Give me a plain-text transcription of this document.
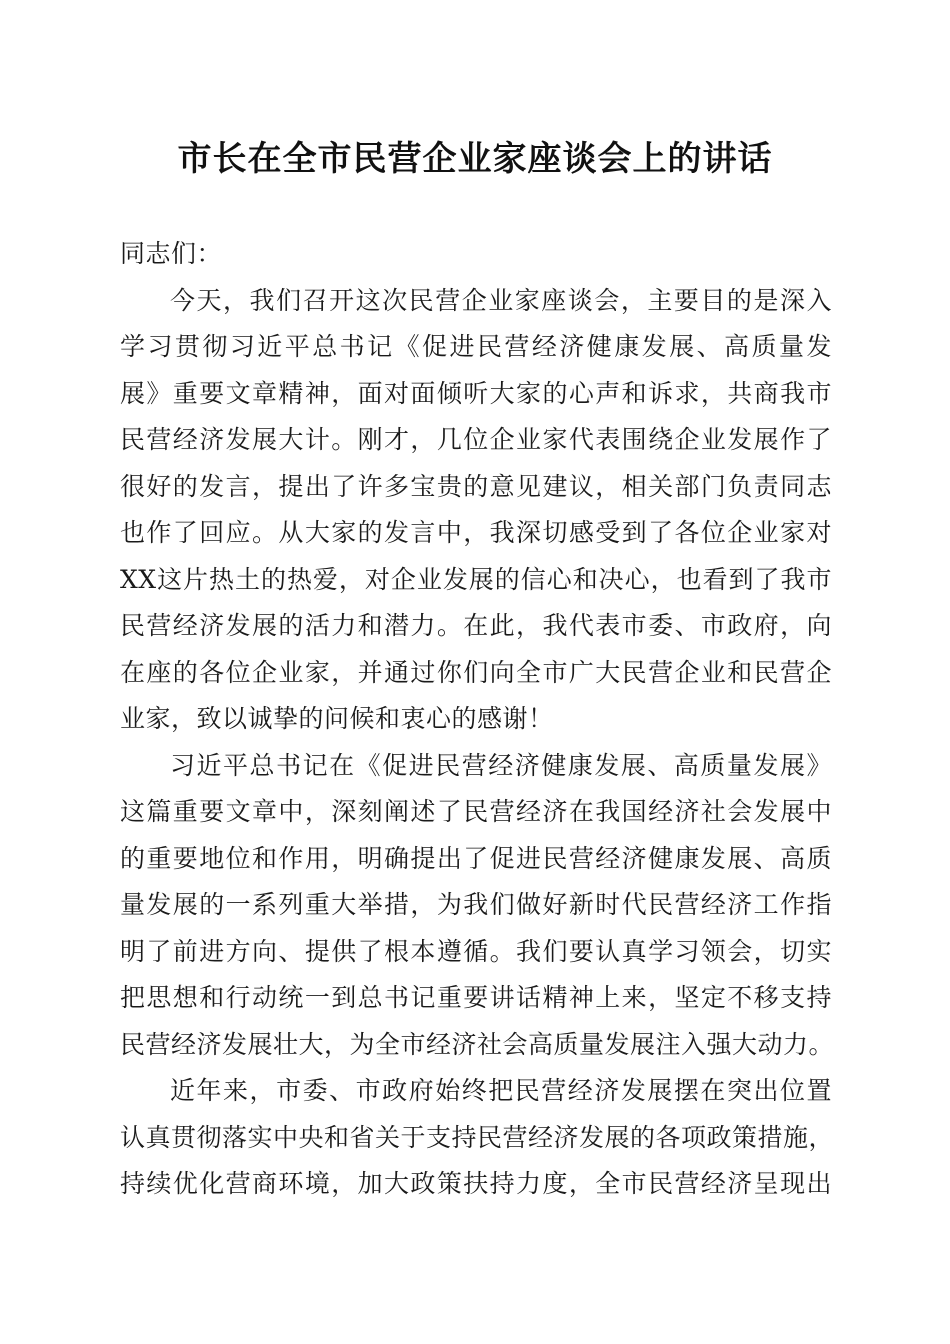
市长在全市民营企业家座谈会上的讲话
同志们：
今天，我们召开这次民营企业家座谈会，主要目的是深入
学习贯彻习近平总书记《促进民营经济健康发展、高质量发
展》重要文章精神，面对面倾听大家的心声和诉求，共商我市
民营经济发展大计。刚才，几位企业家代表围绕企业发展作了
很好的发言，提出了许多宝贵的意见建议，相关部门负责同志
也作了回应。从大家的发言中，我深切感受到了各位企业家对
XX这片热土的热爱，对企业发展的信心和决心，也看到了我市
民营经济发展的活力和潜力。在此，我代表市委、市政府，向
在座的各位企业家，并通过你们向全市广大民营企业和民营企
业家，致以诚挚的问候和衷心的感谢！
习近平总书记在《促进民营经济健康发展、高质量发展》
这篇重要文章中，深刻阐述了民营经济在我国经济社会发展中
的重要地位和作用，明确提出了促进民营经济健康发展、高质
量发展的一系列重大举措，为我们做好新时代民营经济工作指
明了前进方向、提供了根本遵循。我们要认真学习领会，切实
把思想和行动统一到总书记重要讲话精神上来，坚定不移支持
民营经济发展壮大，为全市经济社会高质量发展注入强大动力。
近年来，市委、市政府始终把民营经济发展摆在突出位置
认真贯彻落实中央和省关于支持民营经济发展的各项政策措施，
持续优化营商环境，加大政策扶持力度，全市民营经济呈现出
